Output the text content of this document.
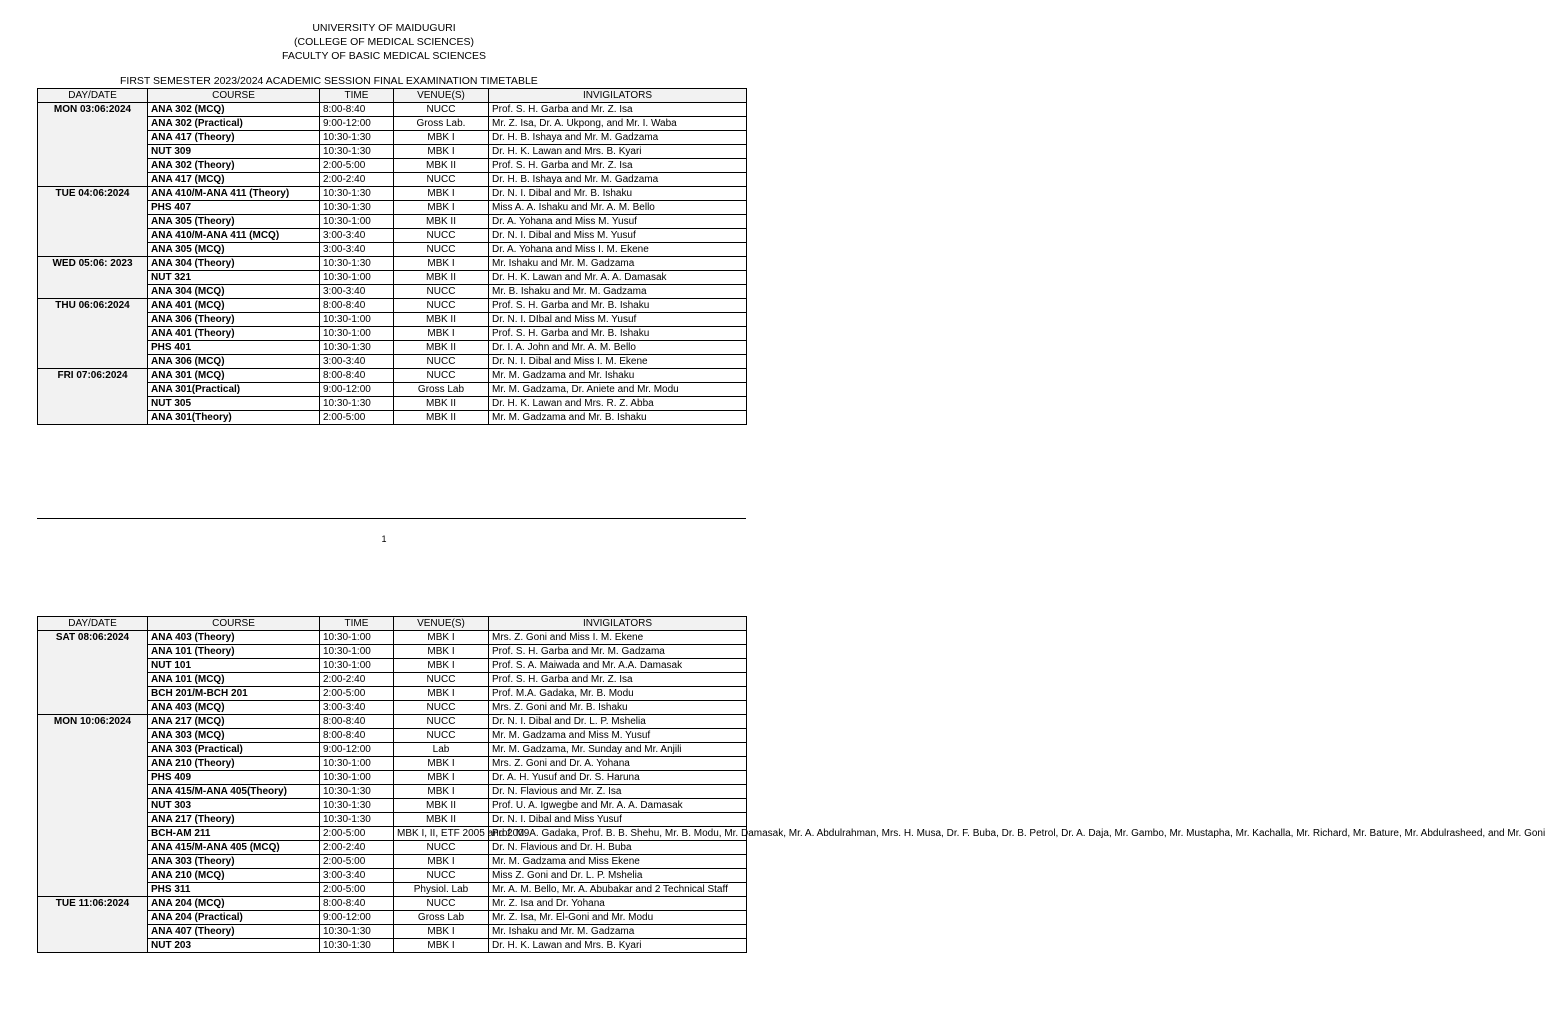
UNIVERSITY OF MAIDUGURI
(COLLEGE OF MEDICAL SCIENCES)
FACULTY OF BASIC MEDICAL SCIENCES
FIRST SEMESTER 2023/2024 ACADEMIC SESSION FINAL EXAMINATION TIMETABLE
DAY/DATE	COURSE	TIME	VENUE(S)	INVIGILATORS
MON 03:06:2024	ANA 302 (MCQ)	8:00-8:40	NUCC	Prof. S. H. Garba and Mr. Z. Isa
	ANA 302 (Practical)	9:00-12:00	Gross Lab.	Mr. Z. Isa, Dr. A. Ukpong, and Mr. I. Waba
	ANA 417 (Theory)	10:30-1:30	MBK I	Dr. H. B. Ishaya and Mr. M. Gadzama
	NUT 309	10:30-1:30	MBK I	Dr. H. K. Lawan and Mrs. B. Kyari
	ANA 302 (Theory)	2:00-5:00	MBK II	Prof. S. H. Garba and Mr. Z. Isa
	ANA 417 (MCQ)	2:00-2:40	NUCC	Dr. H. B. Ishaya and Mr. M. Gadzama
TUE 04:06:2024	ANA 410/M-ANA 411 (Theory)	10:30-1:30	MBK I	Dr. N. I. Dibal and Mr. B. Ishaku
	PHS 407	10:30-1:30	MBK I	Miss A. A. Ishaku and Mr. A. M. Bello
	ANA 305 (Theory)	10:30-1:00	MBK II	Dr. A. Yohana and Miss M. Yusuf
	ANA 410/M-ANA 411 (MCQ)	3:00-3:40	NUCC	Dr. N. I. Dibal and Miss M. Yusuf
	ANA 305 (MCQ)	3:00-3:40	NUCC	Dr. A. Yohana and Miss I. M. Ekene
WED 05:06: 2023	ANA 304 (Theory)	10:30-1:30	MBK I	Mr. Ishaku and Mr. M. Gadzama
	NUT 321	10:30-1:00	MBK II	Dr. H. K. Lawan and Mr. A. A. Damasak
	ANA 304 (MCQ)	3:00-3:40	NUCC	Mr. B. Ishaku and Mr. M. Gadzama
THU 06:06:2024	ANA 401 (MCQ)	8:00-8:40	NUCC	Prof. S. H. Garba and Mr. B. Ishaku
	ANA 306 (Theory)	10:30-1:00	MBK II	Dr. N. I. DIbal and Miss M. Yusuf
	ANA 401 (Theory)	10:30-1:00	MBK I	Prof. S. H. Garba and Mr. B. Ishaku
	PHS 401	10:30-1:30	MBK II	Dr. I. A. John and Mr. A. M. Bello
	ANA 306 (MCQ)	3:00-3:40	NUCC	Dr. N. I. Dibal and Miss I. M. Ekene
FRI 07:06:2024	ANA 301 (MCQ)	8:00-8:40	NUCC	Mr. M. Gadzama and Mr. Ishaku
	ANA 301(Practical)	9:00-12:00	Gross Lab	Mr. M. Gadzama, Dr. Aniete and Mr. Modu
	NUT 305	10:30-1:30	MBK II	Dr. H. K. Lawan and Mrs. R. Z. Abba
	ANA 301(Theory)	2:00-5:00	MBK II	Mr. M. Gadzama and Mr. B. Ishaku
1
DAY/DATE	COURSE	TIME	VENUE(S)	INVIGILATORS
SAT 08:06:2024	ANA 403 (Theory)	10:30-1:00	MBK I	Mrs. Z. Goni and Miss I. M. Ekene
	ANA 101 (Theory)	10:30-1:00	MBK I	Prof. S. H. Garba and Mr. M. Gadzama
	NUT 101	10:30-1:00	MBK I	Prof. S. A. Maiwada and Mr. A.A. Damasak
	ANA 101 (MCQ)	2:00-2:40	NUCC	Prof. S. H. Garba and Mr. Z. Isa
	BCH 201/M-BCH 201	2:00-5:00	MBK I	Prof. M.A. Gadaka, Mr. B. Modu
	ANA 403 (MCQ)	3:00-3:40	NUCC	Mrs. Z. Goni and Mr. B. Ishaku
MON 10:06:2024	ANA 217 (MCQ)	8:00-8:40	NUCC	Dr. N. I. Dibal and Dr. L. P. Mshelia
	ANA 303 (MCQ)	8:00-8:40	NUCC	Mr. M. Gadzama and Miss M. Yusuf
	ANA 303 (Practical)	9:00-12:00	Lab	Mr. M. Gadzama, Mr. Sunday and Mr. Anjili
	ANA 210 (Theory)	10:30-1:00	MBK I	Mrs. Z. Goni and Dr. A. Yohana
	PHS 409	10:30-1:00	MBK I	Dr. A. H. Yusuf and Dr. S. Haruna
	ANA 415/M-ANA 405(Theory)	10:30-1:30	MBK I	Dr. N. Flavious and Mr. Z. Isa
	NUT 303	10:30-1:30	MBK II	Prof. U. A. Igwegbe and Mr. A. A. Damasak
	ANA 217 (Theory)	10:30-1:30	MBK II	Dr. N. I. Dibal and Miss Yusuf
	BCH-AM 211	2:00-5:00	MBK I, II, ETF 2005 and 2009	Prof. M. A. Gadaka, Prof. B. B. Shehu, Mr. B. Modu, Mr. Damasak, Mr. A. Abdulrahman, Mrs. H. Musa, Dr. F. Buba, Dr. B. Petrol, Dr. A. Daja, Mr. Gambo, Mr. Mustapha, Mr. Kachalla, Mr. Richard, Mr. Bature, Mr. Abdulrasheed, and Mr. Goni
	ANA 415/M-ANA 405 (MCQ)	2:00-2:40	NUCC	Dr. N. Flavious and Dr. H. Buba
	ANA 303 (Theory)	2:00-5:00	MBK I	Mr. M. Gadzama and Miss Ekene
	ANA 210 (MCQ)	3:00-3:40	NUCC	Miss Z. Goni and Dr. L. P. Mshelia
	PHS 311	2:00-5:00	Physiol. Lab	Mr. A. M. Bello, Mr. A. Abubakar and 2 Technical Staff
TUE 11:06:2024	ANA 204 (MCQ)	8:00-8:40	NUCC	Mr. Z. Isa and Dr. Yohana
	ANA 204 (Practical)	9:00-12:00	Gross Lab	Mr. Z. Isa, Mr. El-Goni and Mr. Modu
	ANA 407 (Theory)	10:30-1:30	MBK I	Mr. Ishaku and Mr. M. Gadzama
	NUT 203	10:30-1:30	MBK I	Dr. H. K. Lawan and Mrs. B. Kyari
